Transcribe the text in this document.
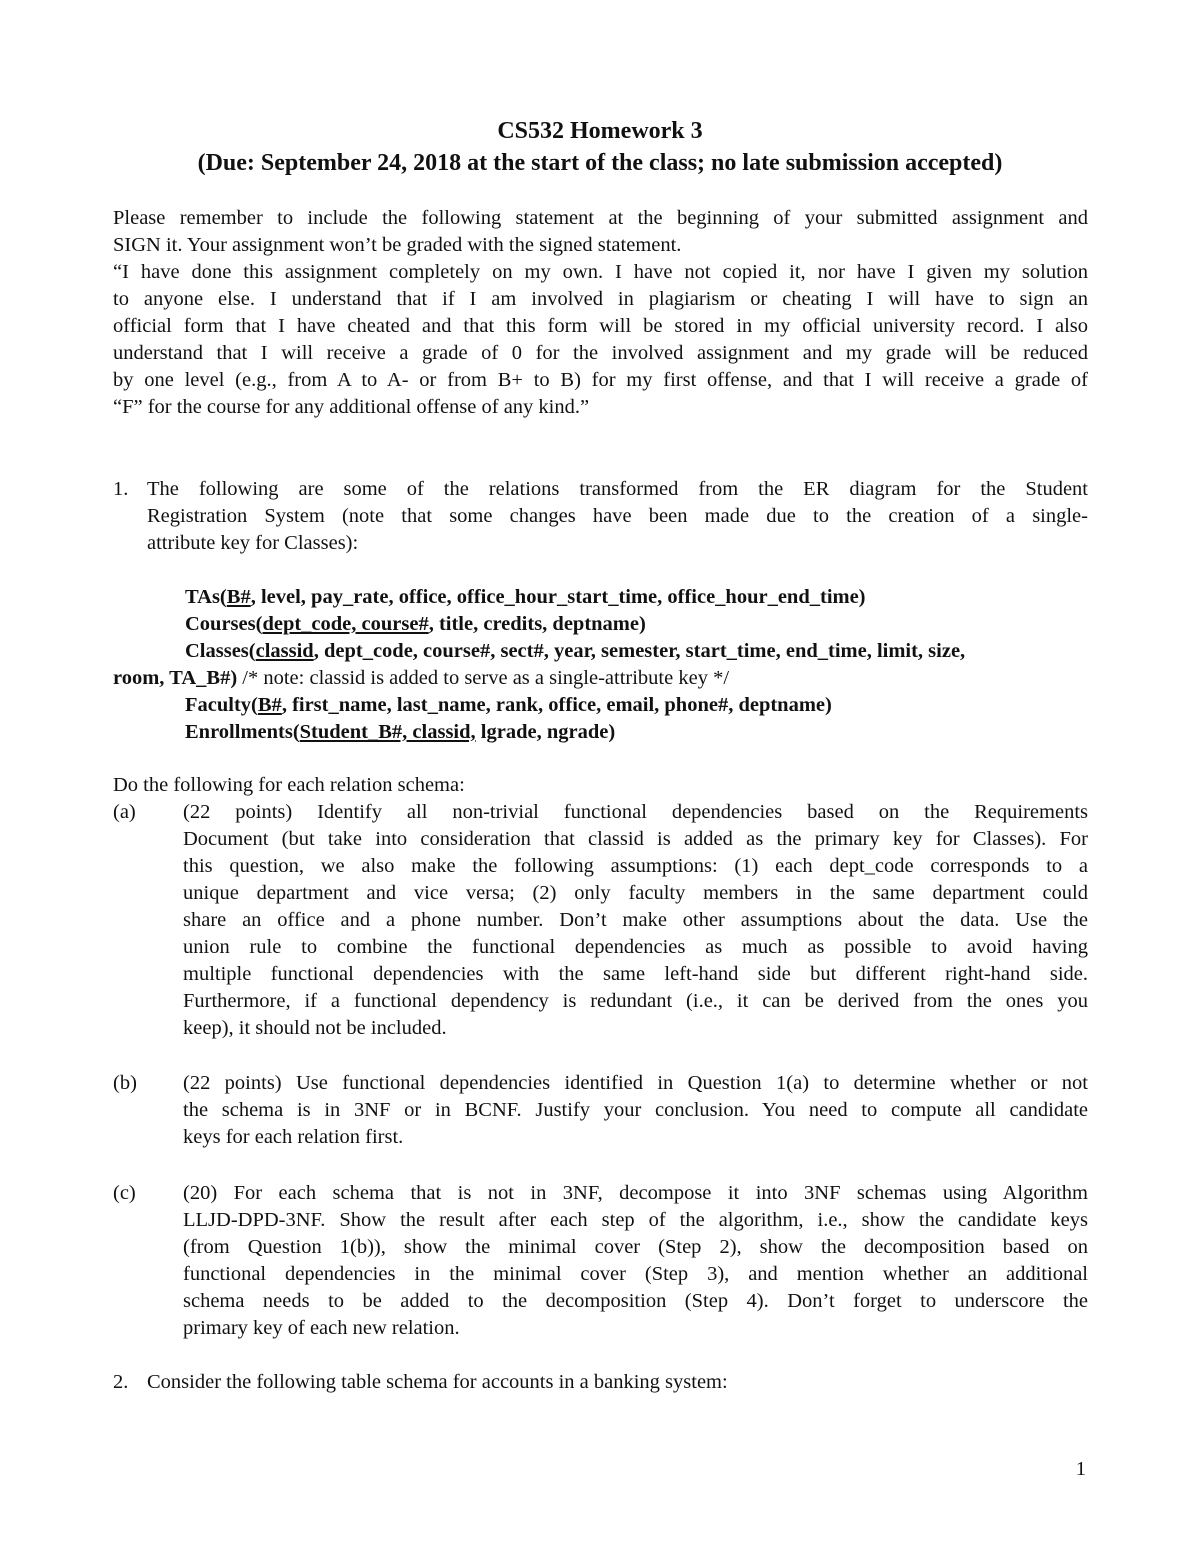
CS532 Homework 3
(Due: September 24, 2018 at the start of the class; no late submission accepted)
Please remember to include the following statement at the beginning of your submitted assignment and
SIGN it. Your assignment won’t be graded with the signed statement.
“I have done this assignment completely on my own. I have not copied it, nor have I given my solution
to anyone else. I understand that if I am involved in plagiarism or cheating I will have to sign an
official form that I have cheated and that this form will be stored in my official university record. I also
understand that I will receive a grade of 0 for the involved assignment and my grade will be reduced
by one level (e.g., from A to A- or from B+ to B) for my first offense, and that I will receive a grade of
“F” for the course for any additional offense of any kind.”
1. The following are some of the relations transformed from the ER diagram for the Student
Registration System (note that some changes have been made due to the creation of a single-
attribute key for Classes):
TAs(B#, level, pay_rate, office, office_hour_start_time, office_hour_end_time)
Courses(dept_code, course#, title, credits, deptname)
Classes(classid, dept_code, course#, sect#, year, semester, start_time, end_time, limit, size,
room, TA_B#) /* note: classid is added to serve as a single-attribute key */
Faculty(B#, first_name, last_name, rank, office, email, phone#, deptname)
Enrollments(Student_B#, classid, lgrade, ngrade)
Do the following for each relation schema:
(a) (22 points) Identify all non-trivial functional dependencies based on the Requirements
Document (but take into consideration that classid is added as the primary key for Classes). For
this question, we also make the following assumptions: (1) each dept_code corresponds to a
unique department and vice versa; (2) only faculty members in the same department could
share an office and a phone number. Don’t make other assumptions about the data. Use the
union rule to combine the functional dependencies as much as possible to avoid having
multiple functional dependencies with the same left-hand side but different right-hand side.
Furthermore, if a functional dependency is redundant (i.e., it can be derived from the ones you
keep), it should not be included.
(b) (22 points) Use functional dependencies identified in Question 1(a) to determine whether or not
the schema is in 3NF or in BCNF. Justify your conclusion. You need to compute all candidate
keys for each relation first.
(c) (20) For each schema that is not in 3NF, decompose it into 3NF schemas using Algorithm
LLJD-DPD-3NF. Show the result after each step of the algorithm, i.e., show the candidate keys
(from Question 1(b)), show the minimal cover (Step 2), show the decomposition based on
functional dependencies in the minimal cover (Step 3), and mention whether an additional
schema needs to be added to the decomposition (Step 4). Don’t forget to underscore the
primary key of each new relation.
2. Consider the following table schema for accounts in a banking system:
1
